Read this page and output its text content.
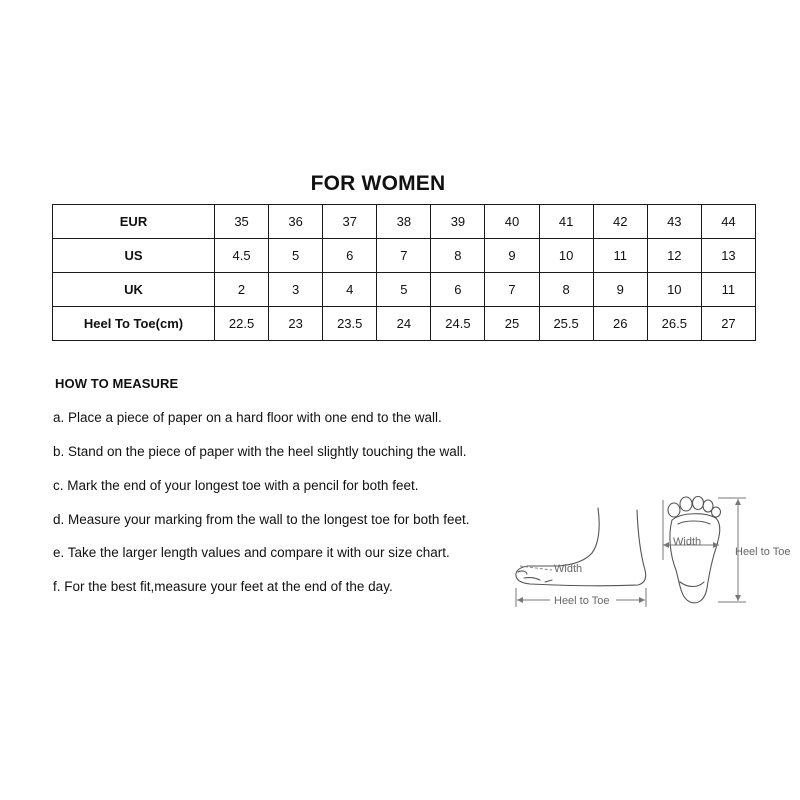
FOR WOMEN
EUR	35	36	37	38	39	40	41	42	43	44
US	4.5	5	6	7	8	9	10	11	12	13
UK	2	3	4	5	6	7	8	9	10	11
Heel To Toe(cm)	22.5	23	23.5	24	24.5	25	25.5	26	26.5	27
HOW TO MEASURE
a. Place a piece of paper on a hard floor with one end to the wall.
b. Stand on the piece of paper with the heel slightly touching the wall.
c. Mark the end of your longest toe with a pencil for both feet.
d. Measure your marking from the wall to the longest toe for both feet.
e. Take the larger length values and compare it with our size chart.
f. For the best fit,measure your feet at the end of the day.
Width
Heel to Toe
Width
Heel to Toe
